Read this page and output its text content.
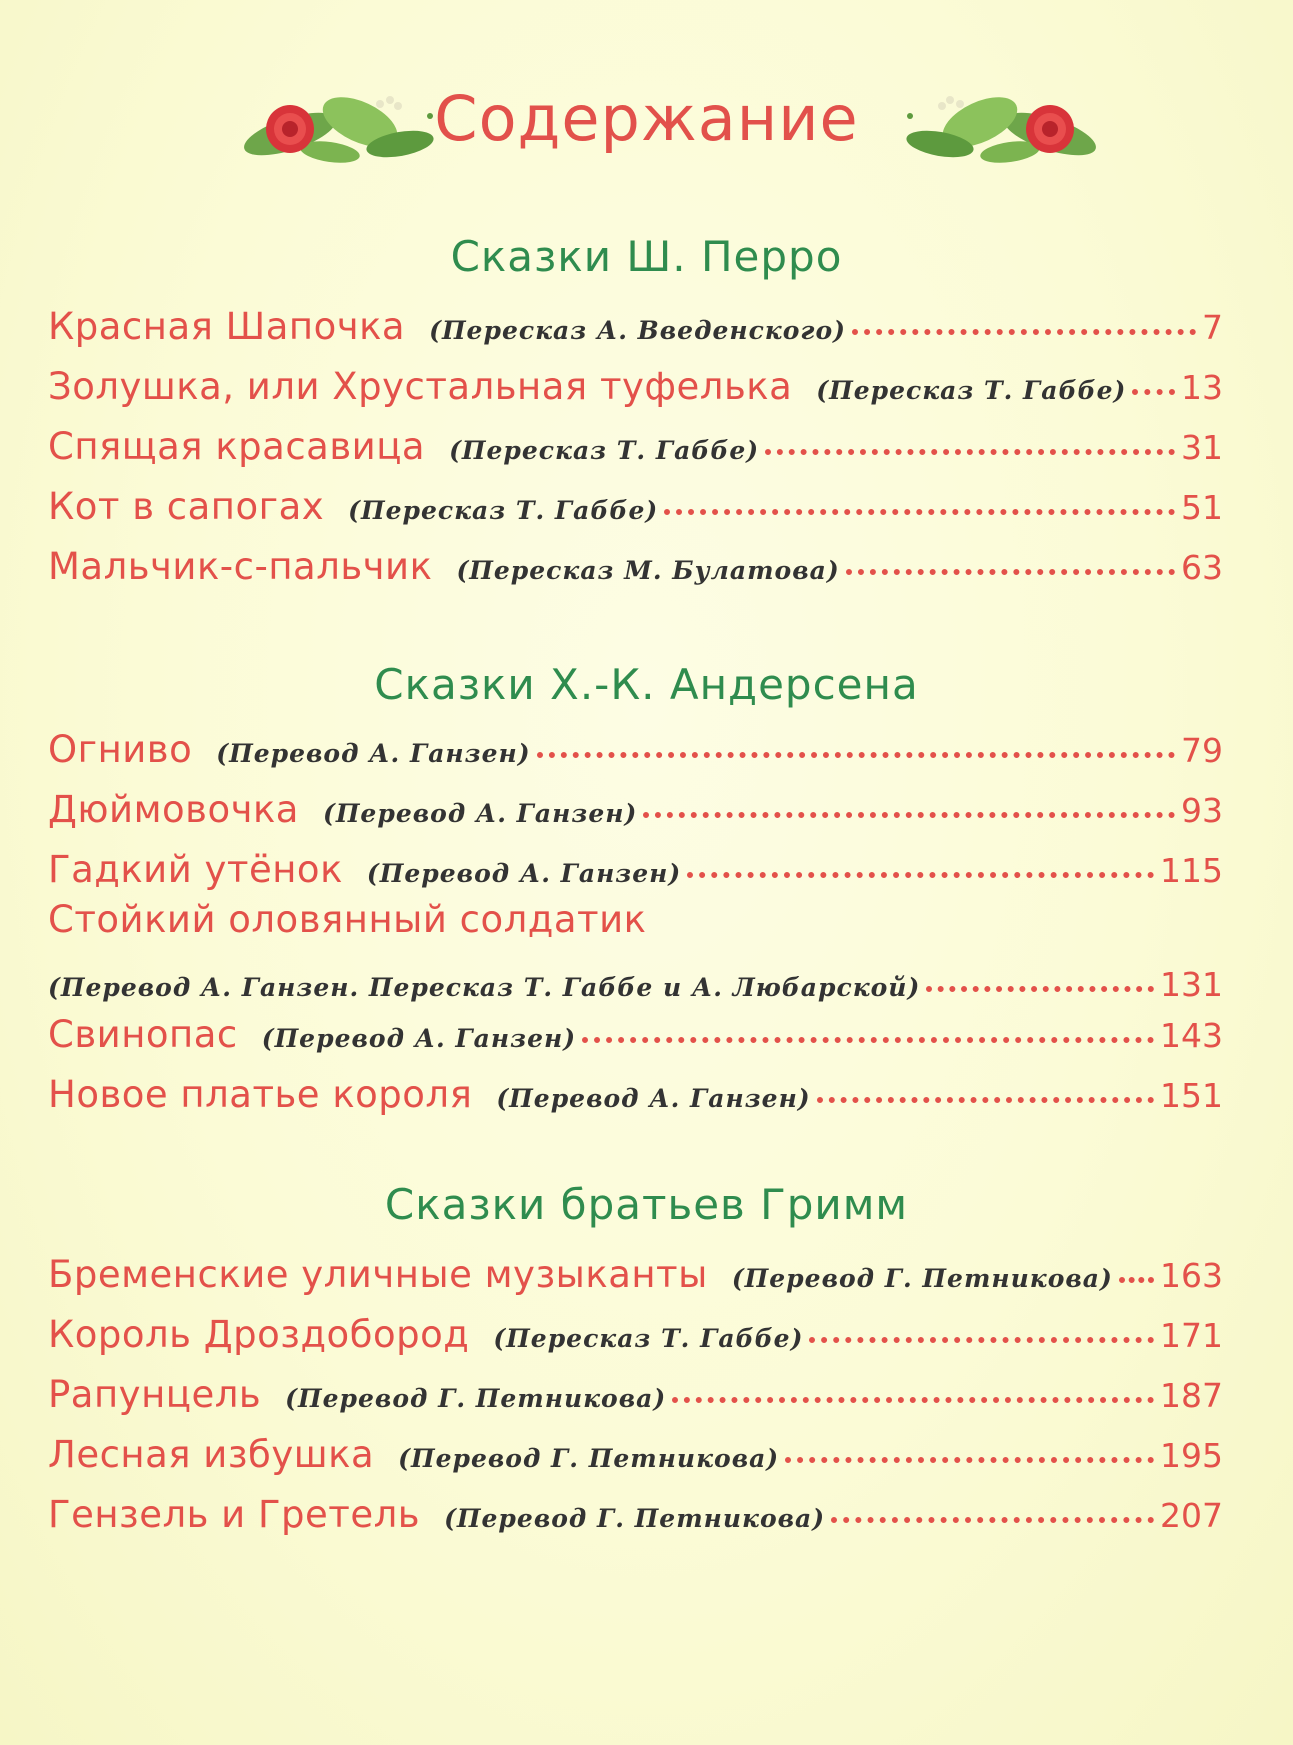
Содержание
Сказки Ш. Перро
Красная Шапочка (Пересказ А. Введенского)	7
Золушка, или Хрустальная туфелька (Пересказ Т. Габбе) 13
Спящая красавица (Пересказ Т. Габбе)	31
Кот в сапогах (Пересказ Т. Габбе)	51
Мальчик-с-пальчик (Пересказ М. Булатова)	63
Сказки Х.-К. Андерсена
Огниво (Перевод А. Ганзен)	79
Дюймовочка (Перевод А. Ганзен)	93
Гадкий утёнок (Перевод А. Ганзен)	115
Стойкий оловянный солдатик
(Перевод А. Ганзен. Пересказ Т. Габбе и А. Любарской)	131
Свинопас (Перевод А. Ганзен)	143
Новое платье короля (Перевод А. Ганзен)	151
Сказки братьев Гримм
Бременские уличные музыканты (Перевод Г. Петникова) 163
Король Дроздобород (Пересказ Т. Габбе)	171
Рапунцель (Перевод Г. Петникова)	187
Лесная избушка (Перевод Г. Петникова)	195
Гензель и Гретель (Перевод Г. Петникова)	207
